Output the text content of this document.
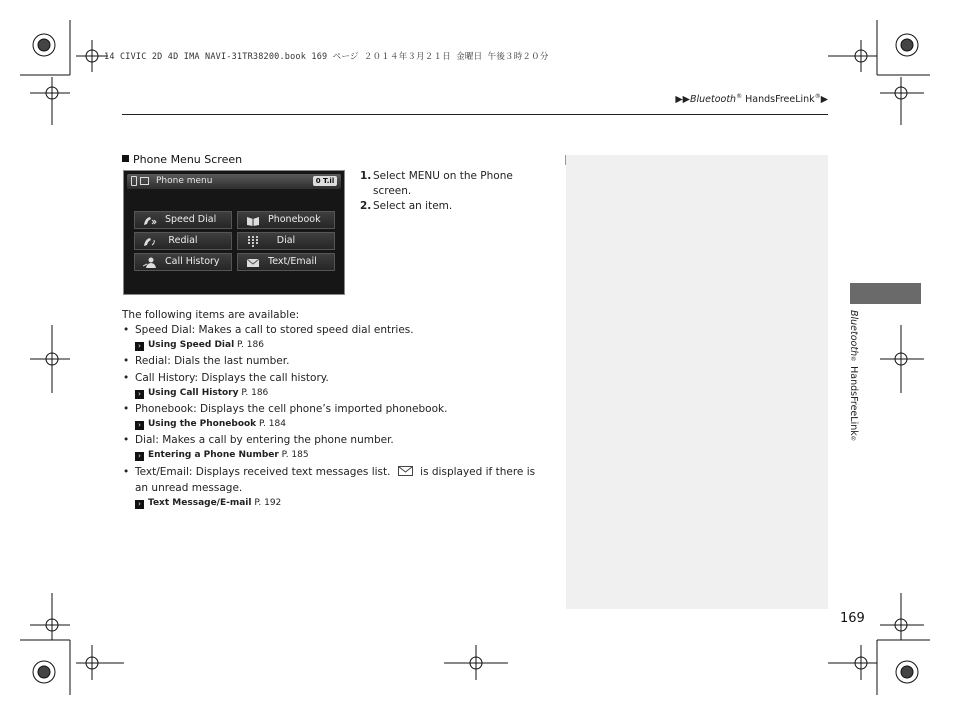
14 CIVIC 2D 4D IMA NAVI-31TR38200.book 169 ページ ２０１４年３月２１日 金曜日 午後３時２０分
▶▶Bluetooth® HandsFreeLink®▶
Phone Menu Screen
Phone menu	0 T.il
Speed Dial	Phonebook
Redial	Dial
Call History	Text/Email
1. Select MENU on the Phone screen.
2. Select an item.
The following items are available:
• Speed Dial: Makes a call to stored speed dial entries.
› Using Speed Dial P. 186
• Redial: Dials the last number.
• Call History: Displays the call history.
› Using Call History P. 186
• Phonebook: Displays the cell phone’s imported phonebook.
› Using the Phonebook P. 184
• Dial: Makes a call by entering the phone number.
› Entering a Phone Number P. 185
• Text/Email: Displays received text messages list.  is displayed if there is an unread message.
› Text Message/E-mail P. 192
169
Bluetooth® HandsFreeLink®
